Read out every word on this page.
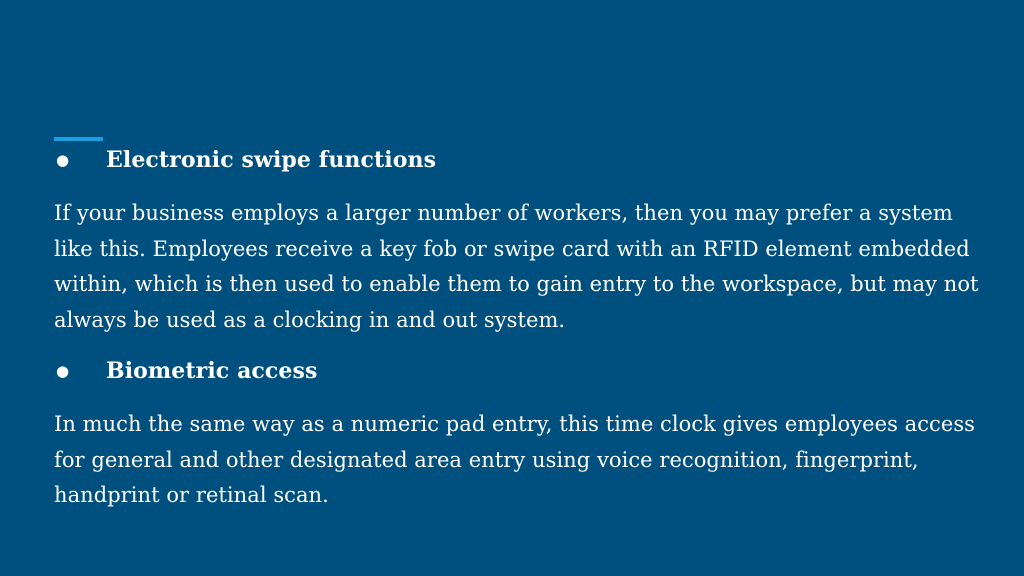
●	Electronic swipe functions

If your business employs a larger number of workers, then you may prefer a system like this. Employees receive a key fob or swipe card with an RFID element embedded within, which is then used to enable them to gain entry to the workspace, but may not always be used as a clocking in and out system.

●	Biometric access

In much the same way as a numeric pad entry, this time clock gives employees access for general and other designated area entry using voice recognition, fingerprint, handprint or retinal scan.
